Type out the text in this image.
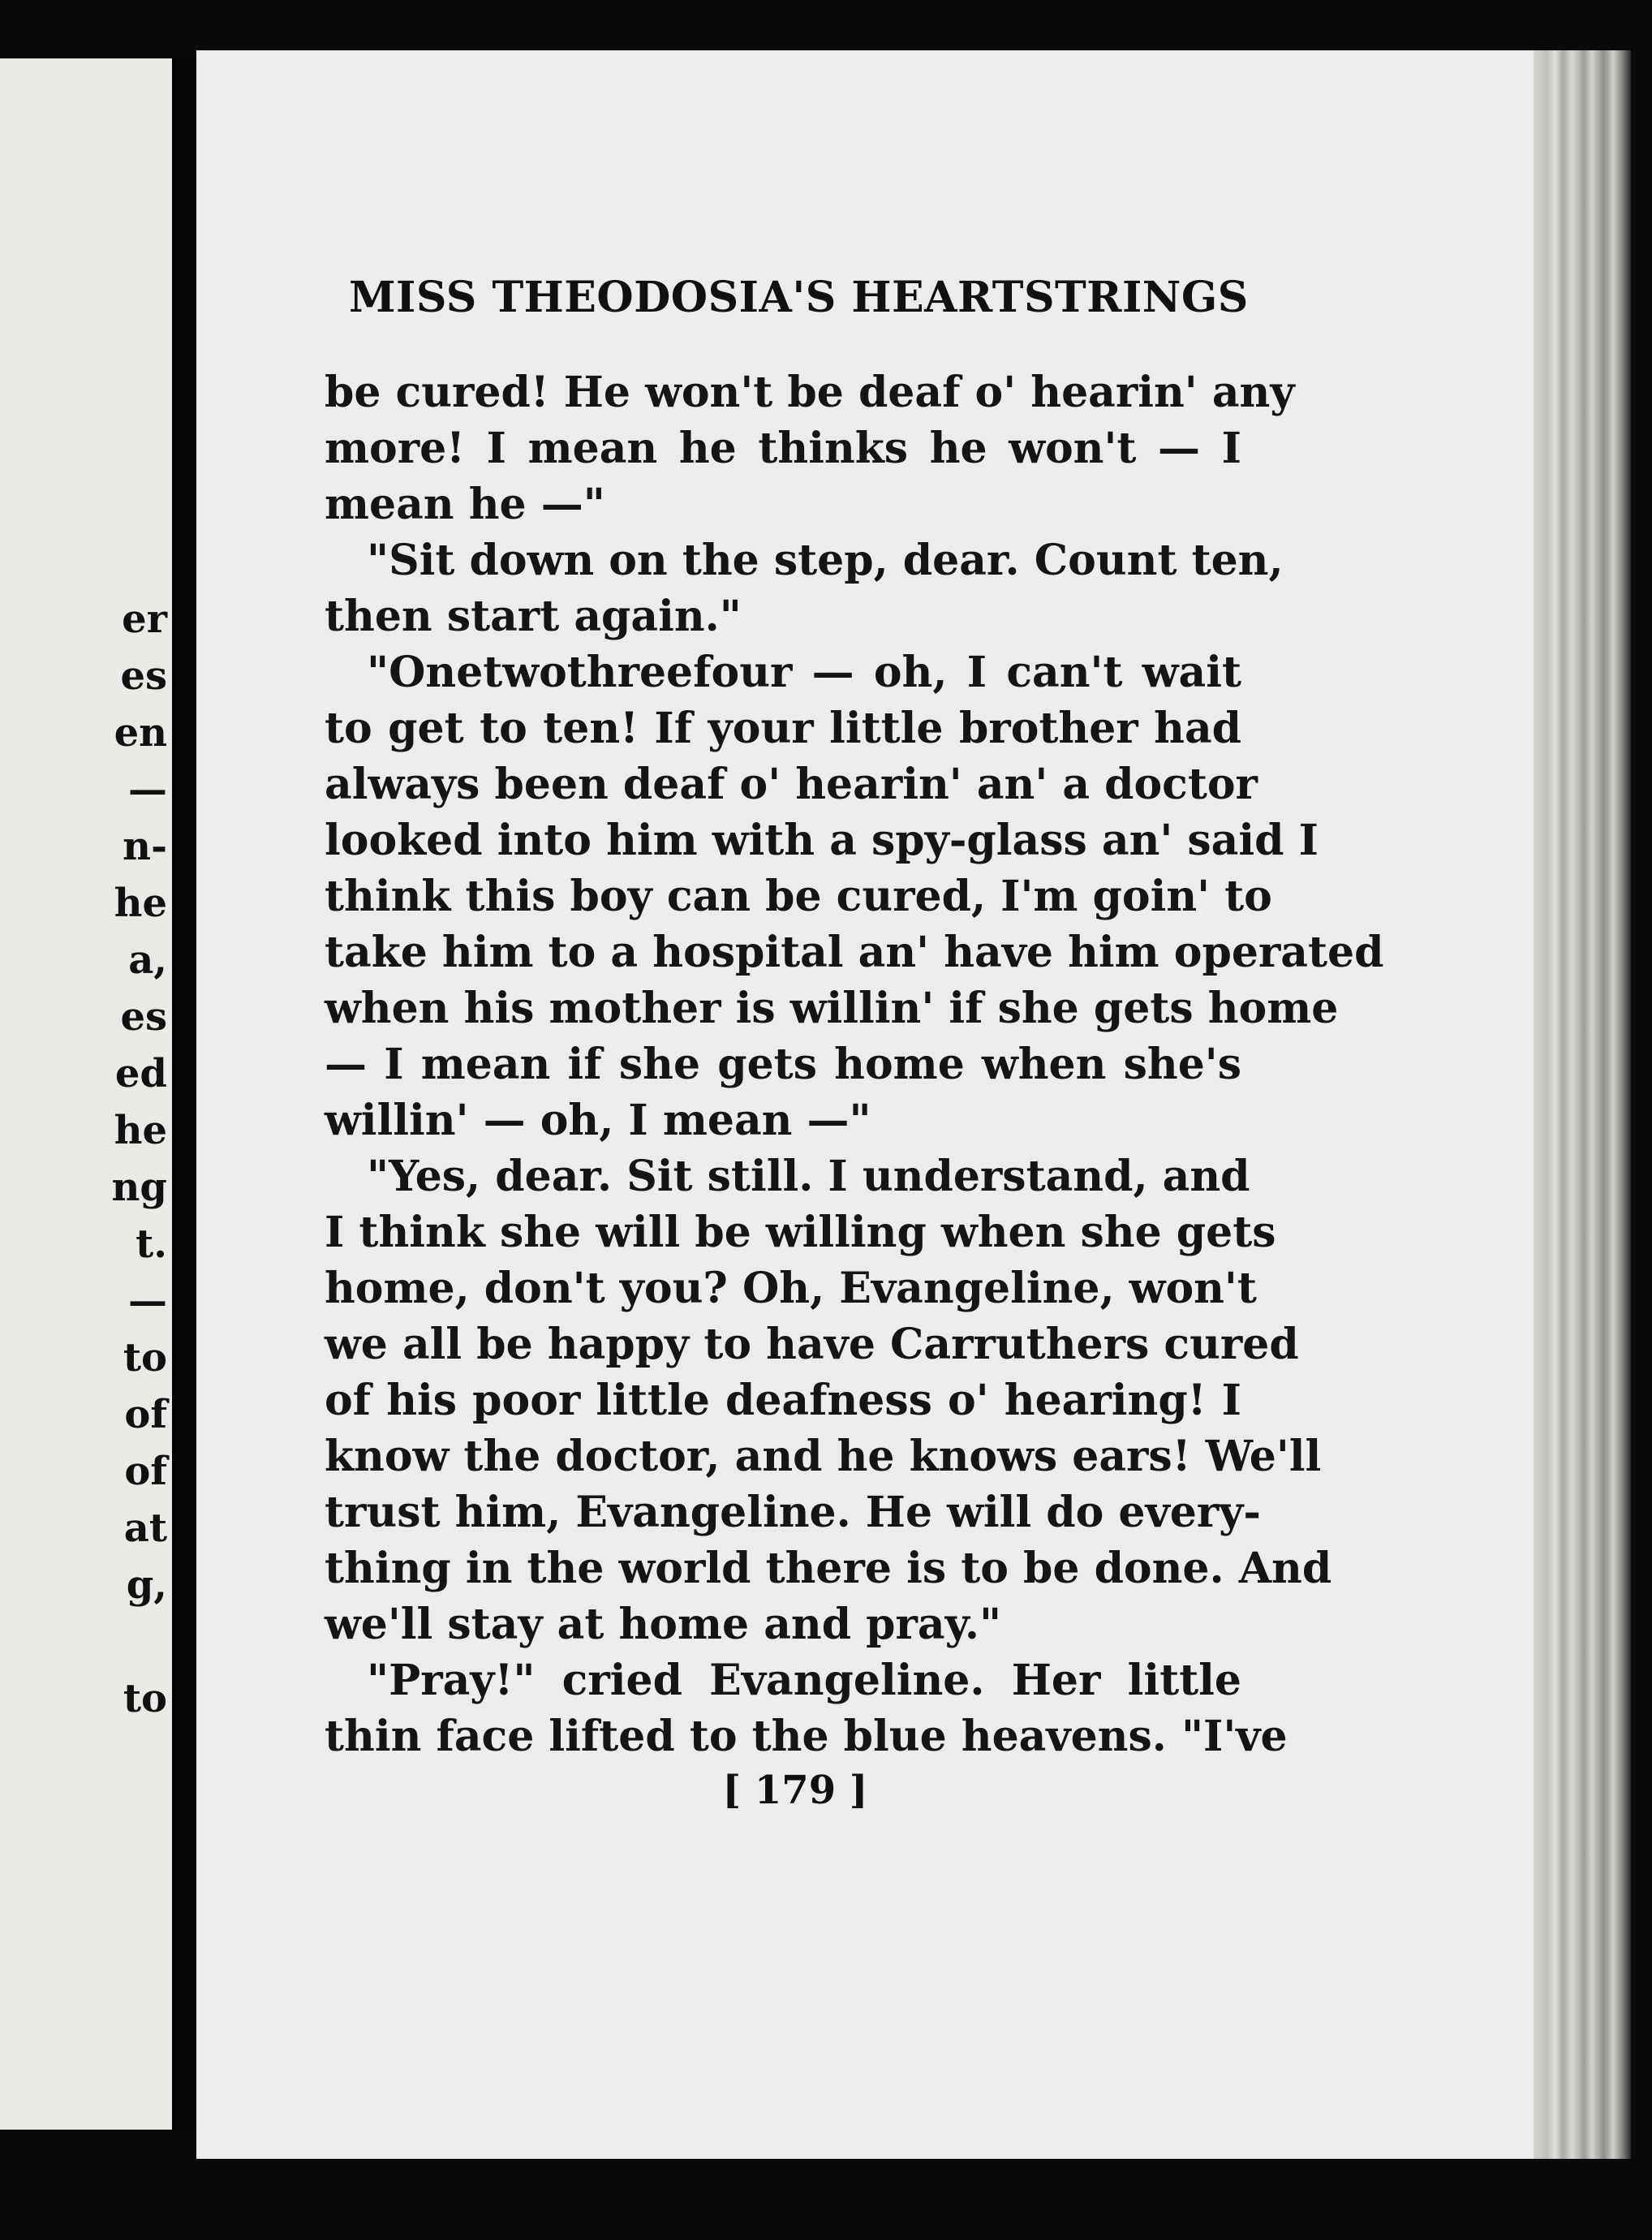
er
es
en
—
n-
he
a,
es
ed
he
ng
t.
—
to
of
of
at
g,
to
MISS THEODOSIA'S HEARTSTRINGS
be cured! He won't be deaf o' hearin' any
more! I mean he thinks he won't — I
mean he —"
"Sit down on the step, dear. Count ten,
then start again."
"Onetwothreefour — oh, I can't wait
to get to ten! If your little brother had
always been deaf o' hearin' an' a doctor
looked into him with a spy-glass an' said I
think this boy can be cured, I'm goin' to
take him to a hospital an' have him operated
when his mother is willin' if she gets home
— I mean if she gets home when she's
willin' — oh, I mean —"
"Yes, dear. Sit still. I understand, and
I think she will be willing when she gets
home, don't you? Oh, Evangeline, won't
we all be happy to have Carruthers cured
of his poor little deafness o' hearing! I
know the doctor, and he knows ears! We'll
trust him, Evangeline. He will do every-
thing in the world there is to be done. And
we'll stay at home and pray."
"Pray!" cried Evangeline. Her little
thin face lifted to the blue heavens. "I've
[ 179 ]
